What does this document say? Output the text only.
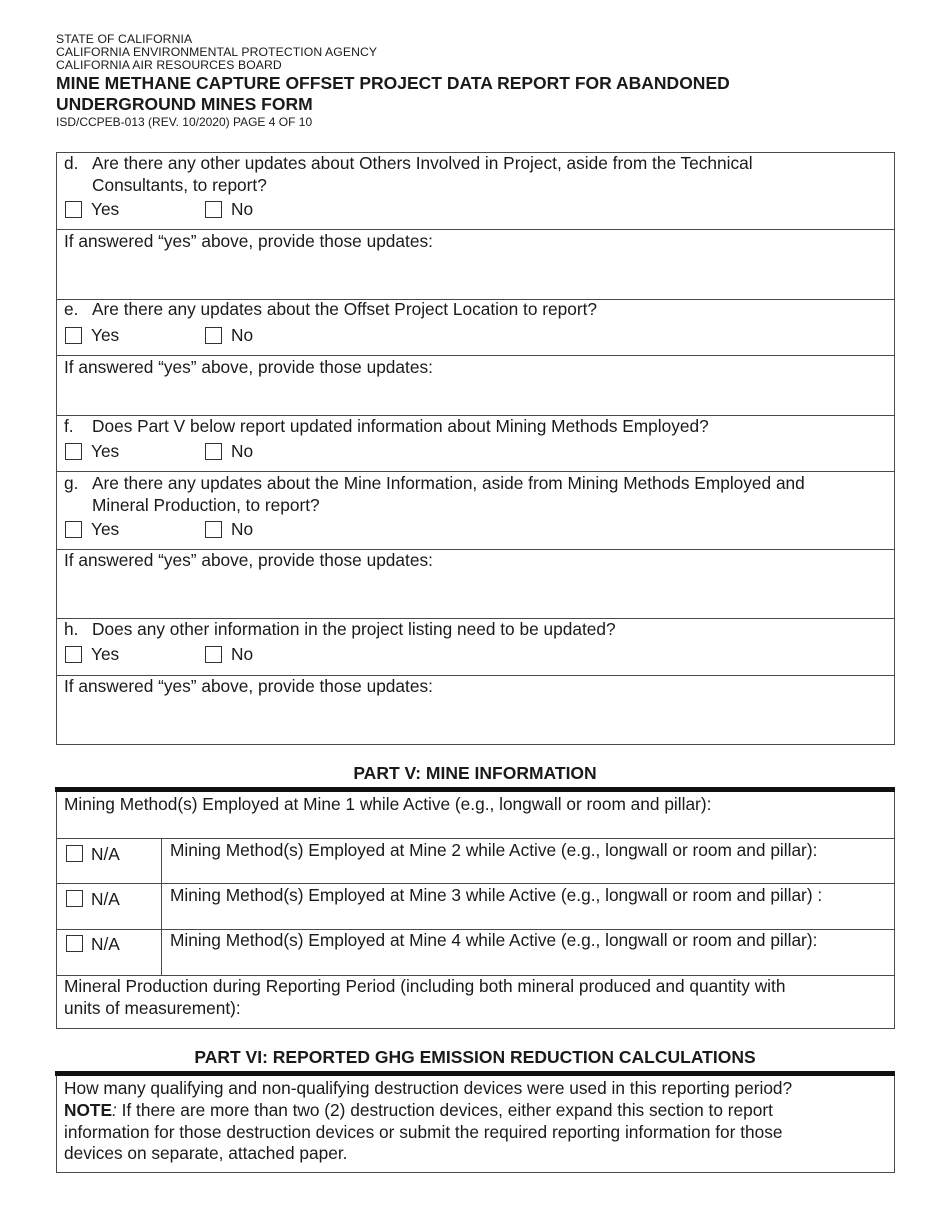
STATE OF CALIFORNIA
CALIFORNIA ENVIRONMENTAL PROTECTION AGENCY
CALIFORNIA AIR RESOURCES BOARD
MINE METHANE CAPTURE OFFSET PROJECT DATA REPORT FOR ABANDONED
UNDERGROUND MINES FORM
ISD/CCPEB-013 (REV. 10/2020) PAGE 4 OF 10
d. Are there any other updates about Others Involved in Project, aside from the Technical
Consultants, to report?
Yes	No
If answered “yes” above, provide those updates:
e. Are there any updates about the Offset Project Location to report?
Yes	No
If answered “yes” above, provide those updates:
f. Does Part V below report updated information about Mining Methods Employed?
Yes	No
g. Are there any updates about the Mine Information, aside from Mining Methods Employed and
Mineral Production, to report?
Yes	No
If answered “yes” above, provide those updates:
h. Does any other information in the project listing need to be updated?
Yes	No
If answered “yes” above, provide those updates:
PART V: MINE INFORMATION
Mining Method(s) Employed at Mine 1 while Active (e.g., longwall or room and pillar):
N/A	Mining Method(s) Employed at Mine 2 while Active (e.g., longwall or room and pillar):
N/A	Mining Method(s) Employed at Mine 3 while Active (e.g., longwall or room and pillar) :
N/A	Mining Method(s) Employed at Mine 4 while Active (e.g., longwall or room and pillar):
Mineral Production during Reporting Period (including both mineral produced and quantity with
units of measurement):
PART VI: REPORTED GHG EMISSION REDUCTION CALCULATIONS
How many qualifying and non-qualifying destruction devices were used in this reporting period?
NOTE: If there are more than two (2) destruction devices, either expand this section to report
information for those destruction devices or submit the required reporting information for those
devices on separate, attached paper.
